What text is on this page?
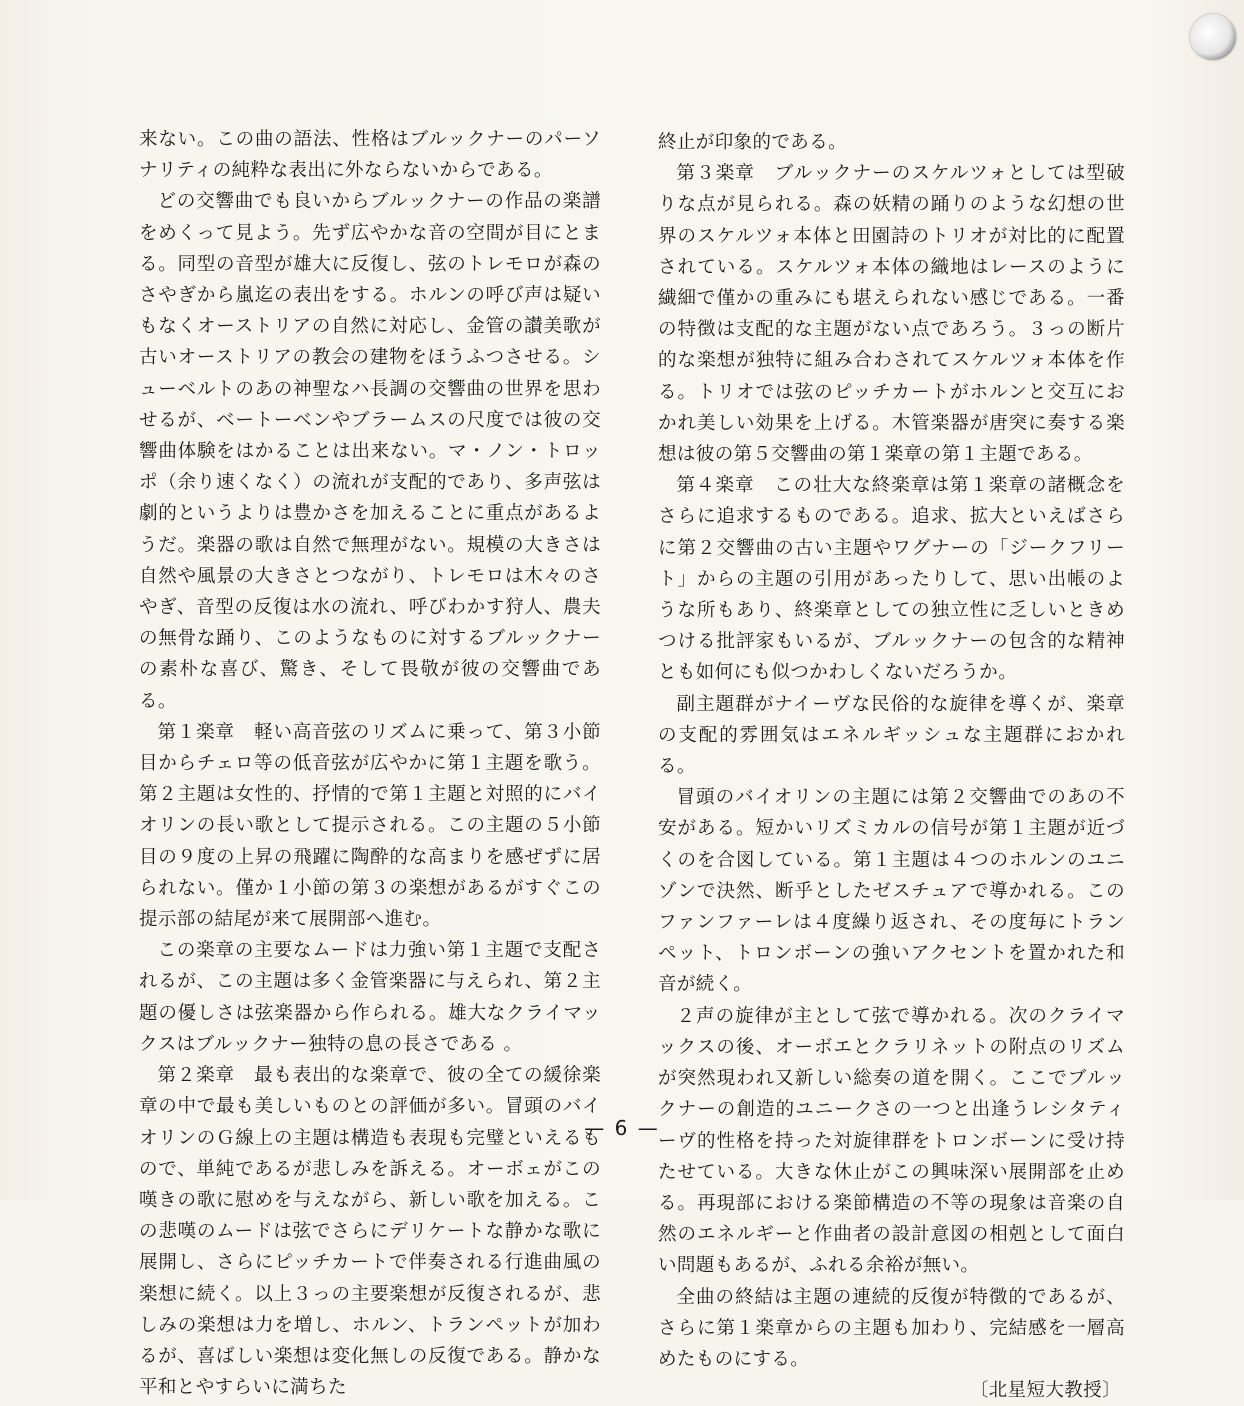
来ない。この曲の語法、性格はブルックナーのパーソナリティの純粋な表出に外ならないからである。

どの交響曲でも良いからブルックナーの作品の楽譜をめくって見よう。先ず広やかな音の空間が目にとまる。同型の音型が雄大に反復し、弦のトレモロが森のさやぎから嵐迄の表出をする。ホルンの呼び声は疑いもなくオーストリアの自然に対応し、金管の讃美歌が古いオーストリアの教会の建物をほうふつさせる。シューベルトのあの神聖なハ長調の交響曲の世界を思わせるが、ベートーベンやブラームスの尺度では彼の交響曲体験をはかることは出来ない。マ・ノン・トロッポ（余り速くなく）の流れが支配的であり、多声弦は劇的というよりは豊かさを加えることに重点があるようだ。楽器の歌は自然で無理がない。規模の大きさは自然や風景の大きさとつながり、トレモロは木々のさやぎ、音型の反復は水の流れ、呼びわかす狩人、農夫の無骨な踊り、このようなものに対するブルックナーの素朴な喜び、驚き、そして畏敬が彼の交響曲である。

第１楽章　軽い高音弦のリズムに乗って、第３小節目からチェロ等の低音弦が広やかに第１主題を歌う。第２主題は女性的、抒情的で第１主題と対照的にバイオリンの長い歌として提示される。この主題の５小節目の９度の上昇の飛躍に陶酔的な高まりを感ぜずに居られない。僅か１小節の第３の楽想があるがすぐこの提示部の結尾が来て展開部へ進む。

この楽章の主要なムードは力強い第１主題で支配されるが、この主題は多く金管楽器に与えられ、第２主題の優しさは弦楽器から作られる。雄大なクライマックスはブルックナー独特の息の長さである 。

第２楽章　最も表出的な楽章で、彼の全ての緩徐楽章の中で最も美しいものとの評価が多い。冒頭のバイオリンのＧ線上の主題は構造も表現も完璧といえるもので、単純であるが悲しみを訴える。オーボェがこの嘆きの歌に慰めを与えながら、新しい歌を加える。この悲嘆のムードは弦でさらにデリケートな静かな歌に展開し、さらにピッチカートで伴奏される行進曲風の楽想に続く。以上３っの主要楽想が反復されるが、悲しみの楽想は力を増し、ホルン、トランペットが加わるが、喜ばしい楽想は変化無しの反復である。静かな平和とやすらいに満ちた

終止が印象的である。

第３楽章　ブルックナーのスケルツォとしては型破りな点が見られる。森の妖精の踊りのような幻想の世界のスケルツォ本体と田園詩のトリオが対比的に配置されている。スケルツォ本体の織地はレースのように繊細で僅かの重みにも堪えられない感じである。一番の特徴は支配的な主題がない点であろう。３っの断片的な楽想が独特に組み合わされてスケルツォ本体を作る。トリオでは弦のピッチカートがホルンと交互におかれ美しい効果を上げる。木管楽器が唐突に奏する楽想は彼の第５交響曲の第１楽章の第１主題である。

第４楽章　この壮大な終楽章は第１楽章の諸概念をさらに追求するものである。追求、拡大といえばさらに第２交響曲の古い主題やワグナーの「ジークフリート」からの主題の引用があったりして、思い出帳のような所もあり、終楽章としての独立性に乏しいときめつける批評家もいるが、ブルックナーの包含的な精神とも如何にも似つかわしくないだろうか。

副主題群がナイーヴな民俗的な旋律を導くが、楽章の支配的雰囲気はエネルギッシュな主題群におかれる。

冒頭のバイオリンの主題には第２交響曲でのあの不安がある。短かいリズミカルの信号が第１主題が近づくのを合図している。第１主題は４つのホルンのユニゾンで決然、断乎としたゼスチュアで導かれる。このファンファーレは４度繰り返され、その度毎にトランペット、トロンボーンの強いアクセントを置かれた和音が続く。

２声の旋律が主として弦で導かれる。次のクライマックスの後、オーボエとクラリネットの附点のリズムが突然現われ又新しい総奏の道を開く。ここでブルックナーの創造的ユニークさの一つと出逢うレシタティーヴ的性格を持った対旋律群をトロンボーンに受け持たせている。大きな休止がこの興味深い展開部を止める。再現部における楽節構造の不等の現象は音楽の自然のエネルギーと作曲者の設計意図の相剋として面白い問題もあるが、ふれる余裕が無い。

全曲の終結は主題の連続的反復が特徴的であるが、さらに第１楽章からの主題も加わり、完結感を一層高めたものにする。

〔北星短大教授〕

— 6 —
